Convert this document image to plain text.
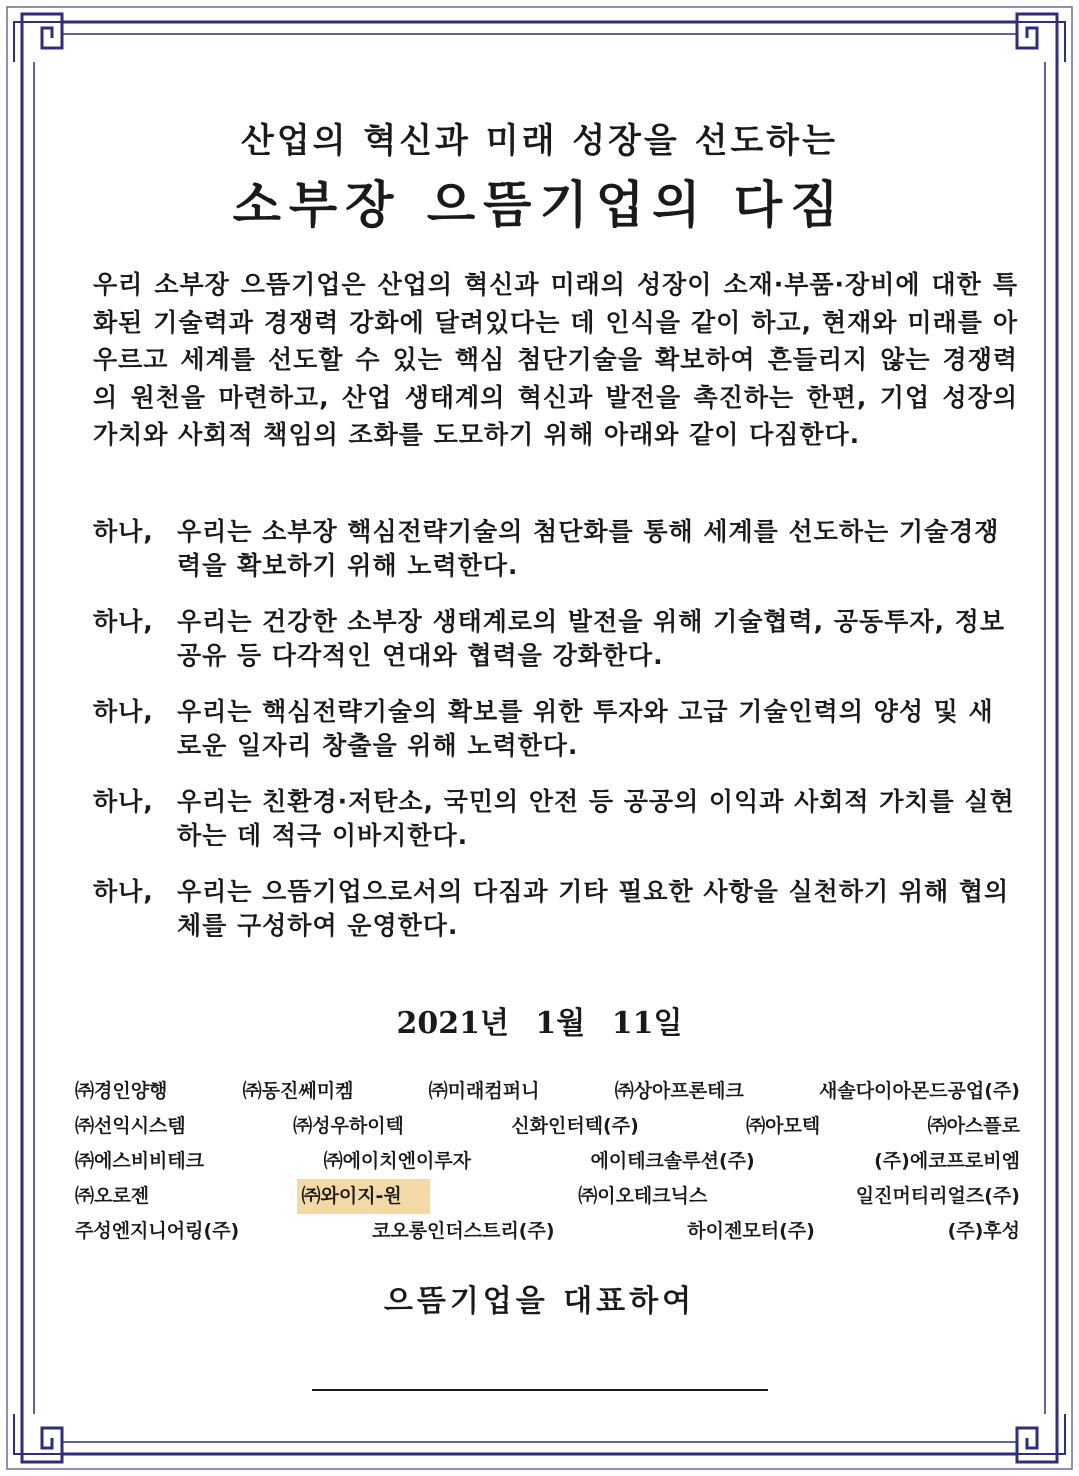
산업의 혁신과 미래 성장을 선도하는
소부장 으뜸기업의 다짐
우리 소부장 으뜸기업은 산업의 혁신과 미래의 성장이 소재·부품·장비에 대한 특화된 기술력과 경쟁력 강화에 달려있다는 데 인식을 같이 하고, 현재와 미래를 아우르고 세계를 선도할 수 있는 핵심 첨단기술을 확보하여 흔들리지 않는 경쟁력의 원천을 마련하고, 산업 생태계의 혁신과 발전을 촉진하는 한편, 기업 성장의 가치와 사회적 책임의 조화를 도모하기 위해 아래와 같이 다짐한다.
하나, 우리는 소부장 핵심전략기술의 첨단화를 통해 세계를 선도하는 기술경쟁력을 확보하기 위해 노력한다.
하나, 우리는 건강한 소부장 생태계로의 발전을 위해 기술협력, 공동투자, 정보공유 등 다각적인 연대와 협력을 강화한다.
하나, 우리는 핵심전략기술의 확보를 위한 투자와 고급 기술인력의 양성 및 새로운 일자리 창출을 위해 노력한다.
하나, 우리는 친환경·저탄소, 국민의 안전 등 공공의 이익과 사회적 가치를 실현하는 데 적극 이바지한다.
하나, 우리는 으뜸기업으로서의 다짐과 기타 필요한 사항을 실천하기 위해 협의체를 구성하여 운영한다.
2021년 1월 11일
㈜경인양행	㈜동진쎄미켐	㈜미래컴퍼니	㈜상아프론테크	새솔다이아몬드공업(주)
㈜선익시스템	㈜성우하이텍	신화인터텍(주)	㈜아모텍	㈜아스플로
㈜에스비비테크	㈜에이치엔이루자	에이테크솔루션(주)	(주)에코프로비엠
㈜오로젠	㈜와이지-원	㈜이오테크닉스	일진머티리얼즈(주)
주성엔지니어링(주)	코오롱인더스트리(주)	하이젠모터(주)	(주)후성
으뜸기업을 대표하여
